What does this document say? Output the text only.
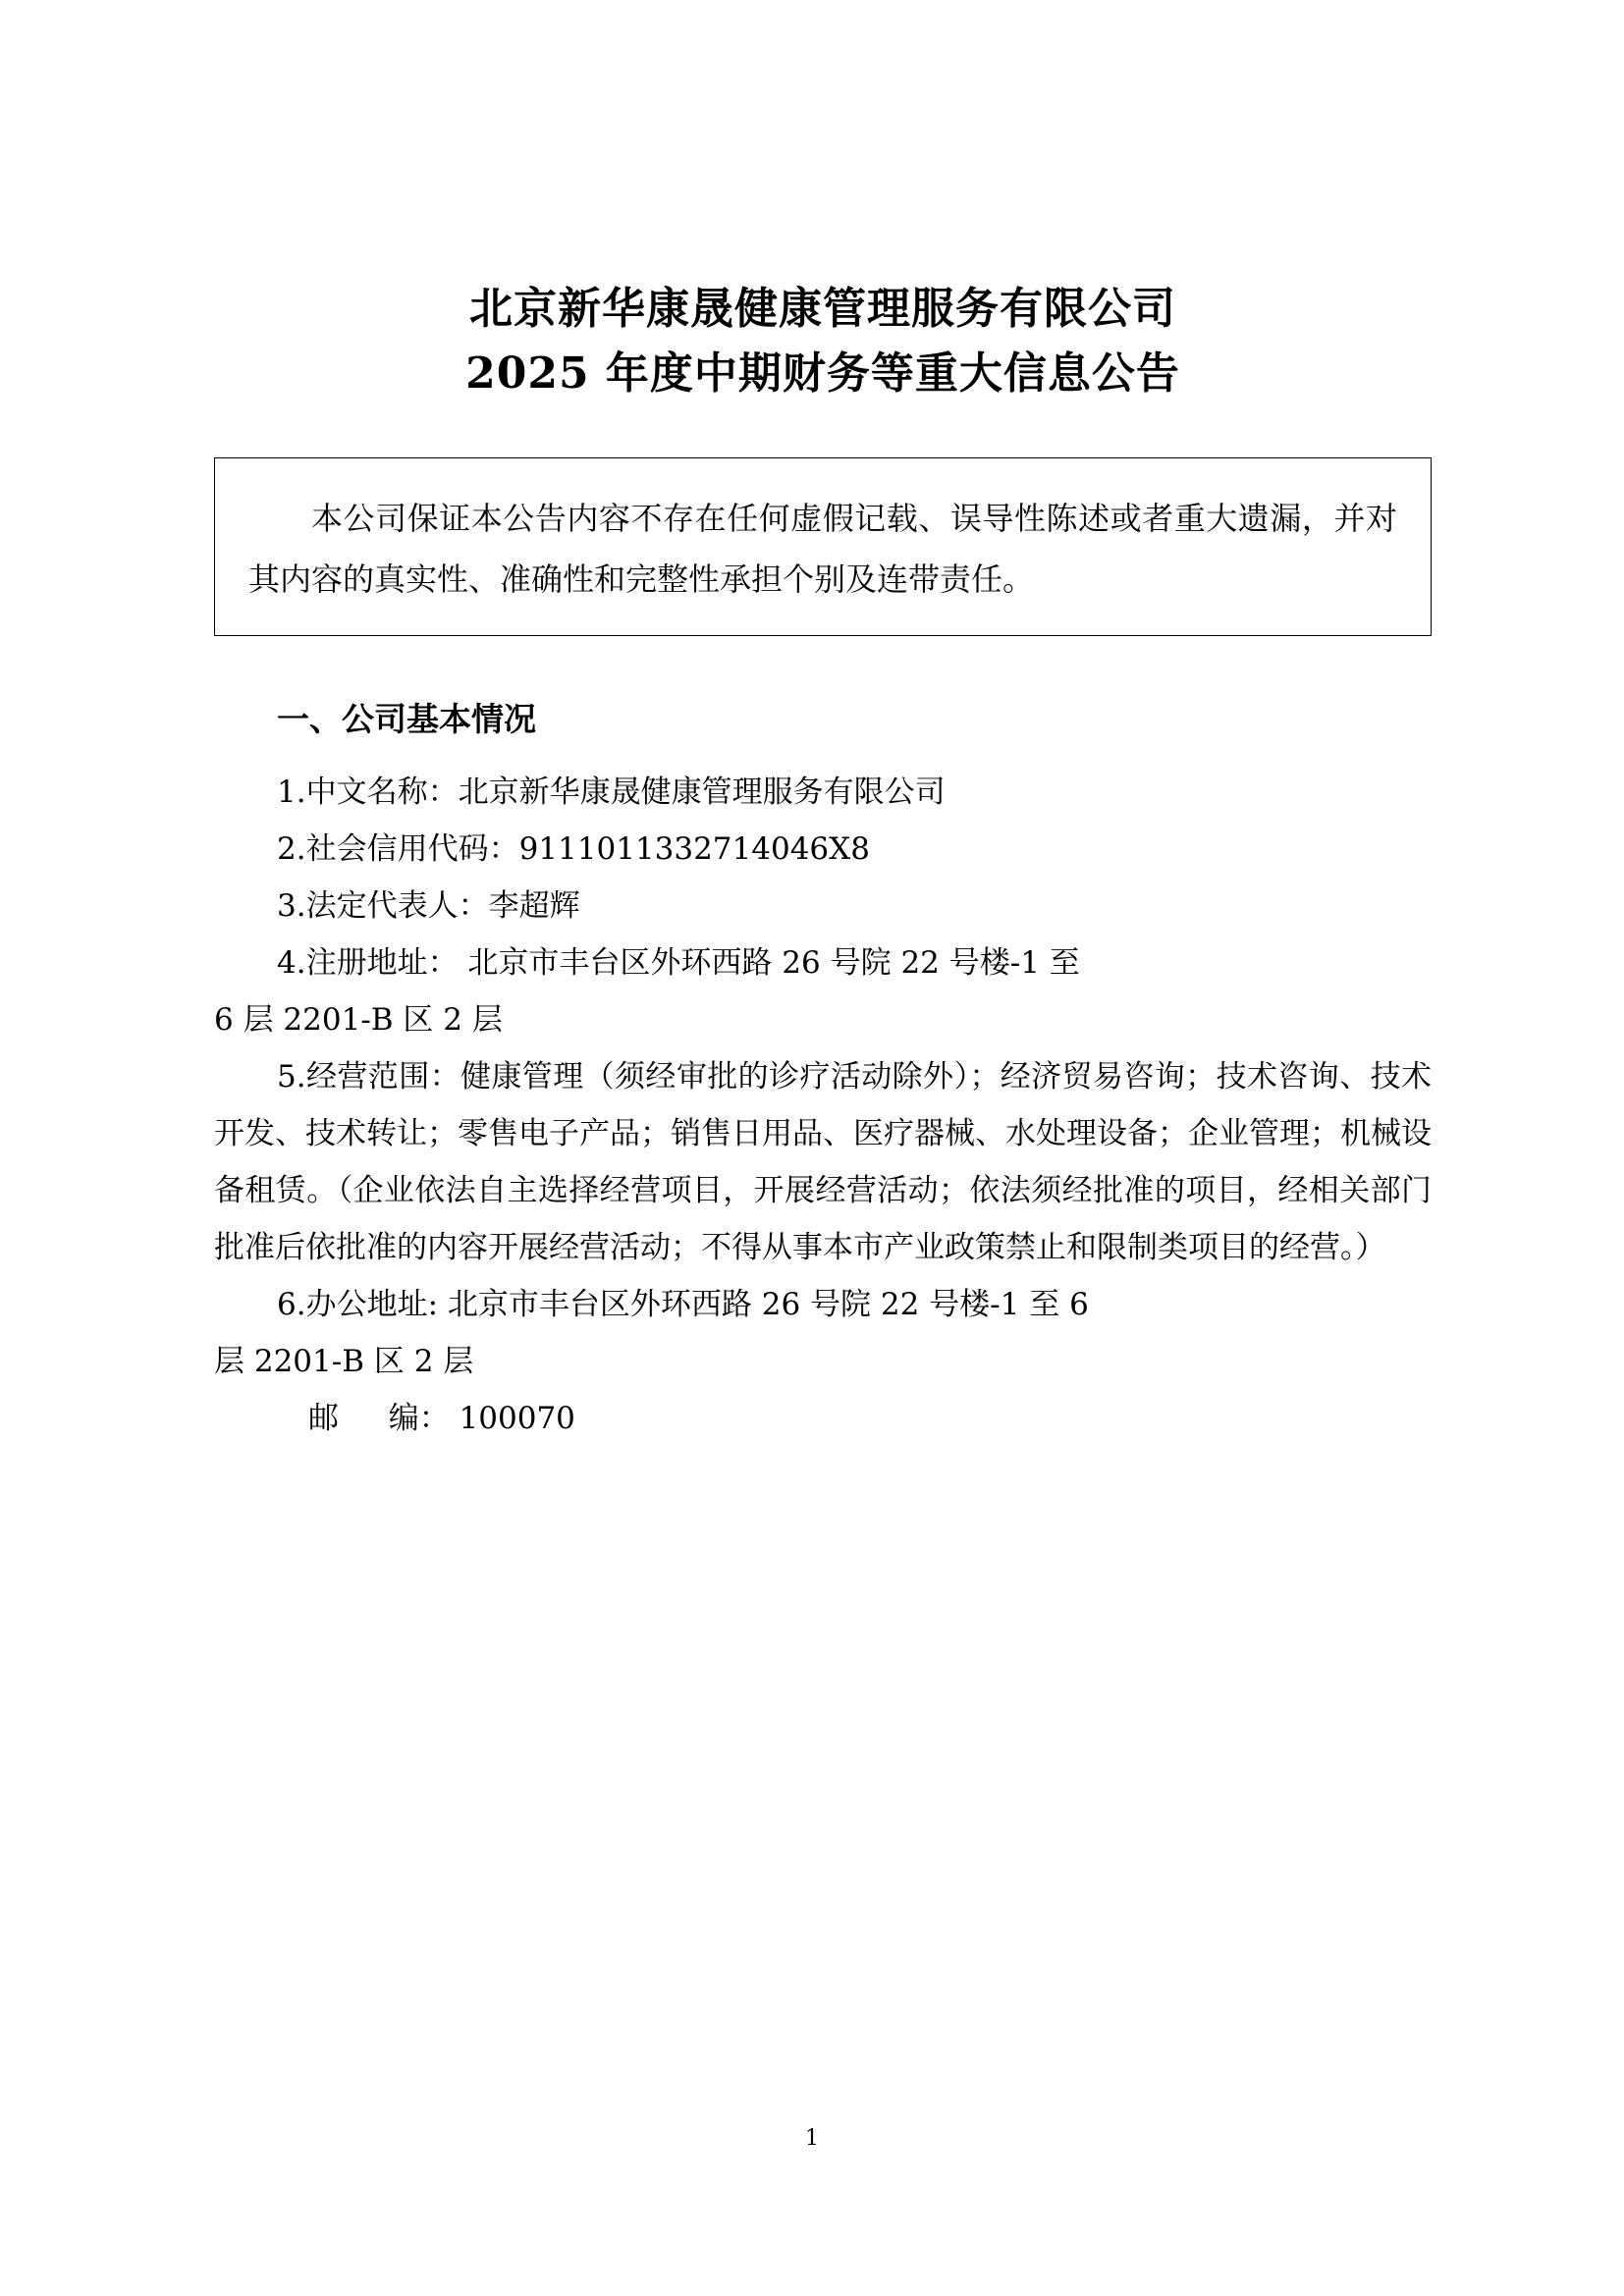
北京新华康晟健康管理服务有限公司
2025 年度中期财务等重大信息公告

本公司保证本公告内容不存在任何虚假记载、误导性陈述或者重大遗漏，并对其内容的真实性、准确性和完整性承担个别及连带责任。

一、公司基本情况

1.中文名称：北京新华康晟健康管理服务有限公司

2.社会信用代码：9111011332714046X8

3.法定代表人：李超辉

4.注册地址： 北京市丰台区外环西路 26 号院 22 号楼-1 至

6 层 2201-B 区 2 层

5.经营范围：健康管理（须经审批的诊疗活动除外）；经济贸易咨询；技术咨询、技术开发、技术转让；零售电子产品；销售日用品、医疗器械、水处理设备；企业管理；机械设备租赁。（企业依法自主选择经营项目，开展经营活动；依法须经批准的项目，经相关部门批准后依批准的内容开展经营活动；不得从事本市产业政策禁止和限制类项目的经营。）

6.办公地址: 北京市丰台区外环西路 26 号院 22 号楼-1 至 6

层 2201-B 区 2 层

邮 　 编： 100070

1
